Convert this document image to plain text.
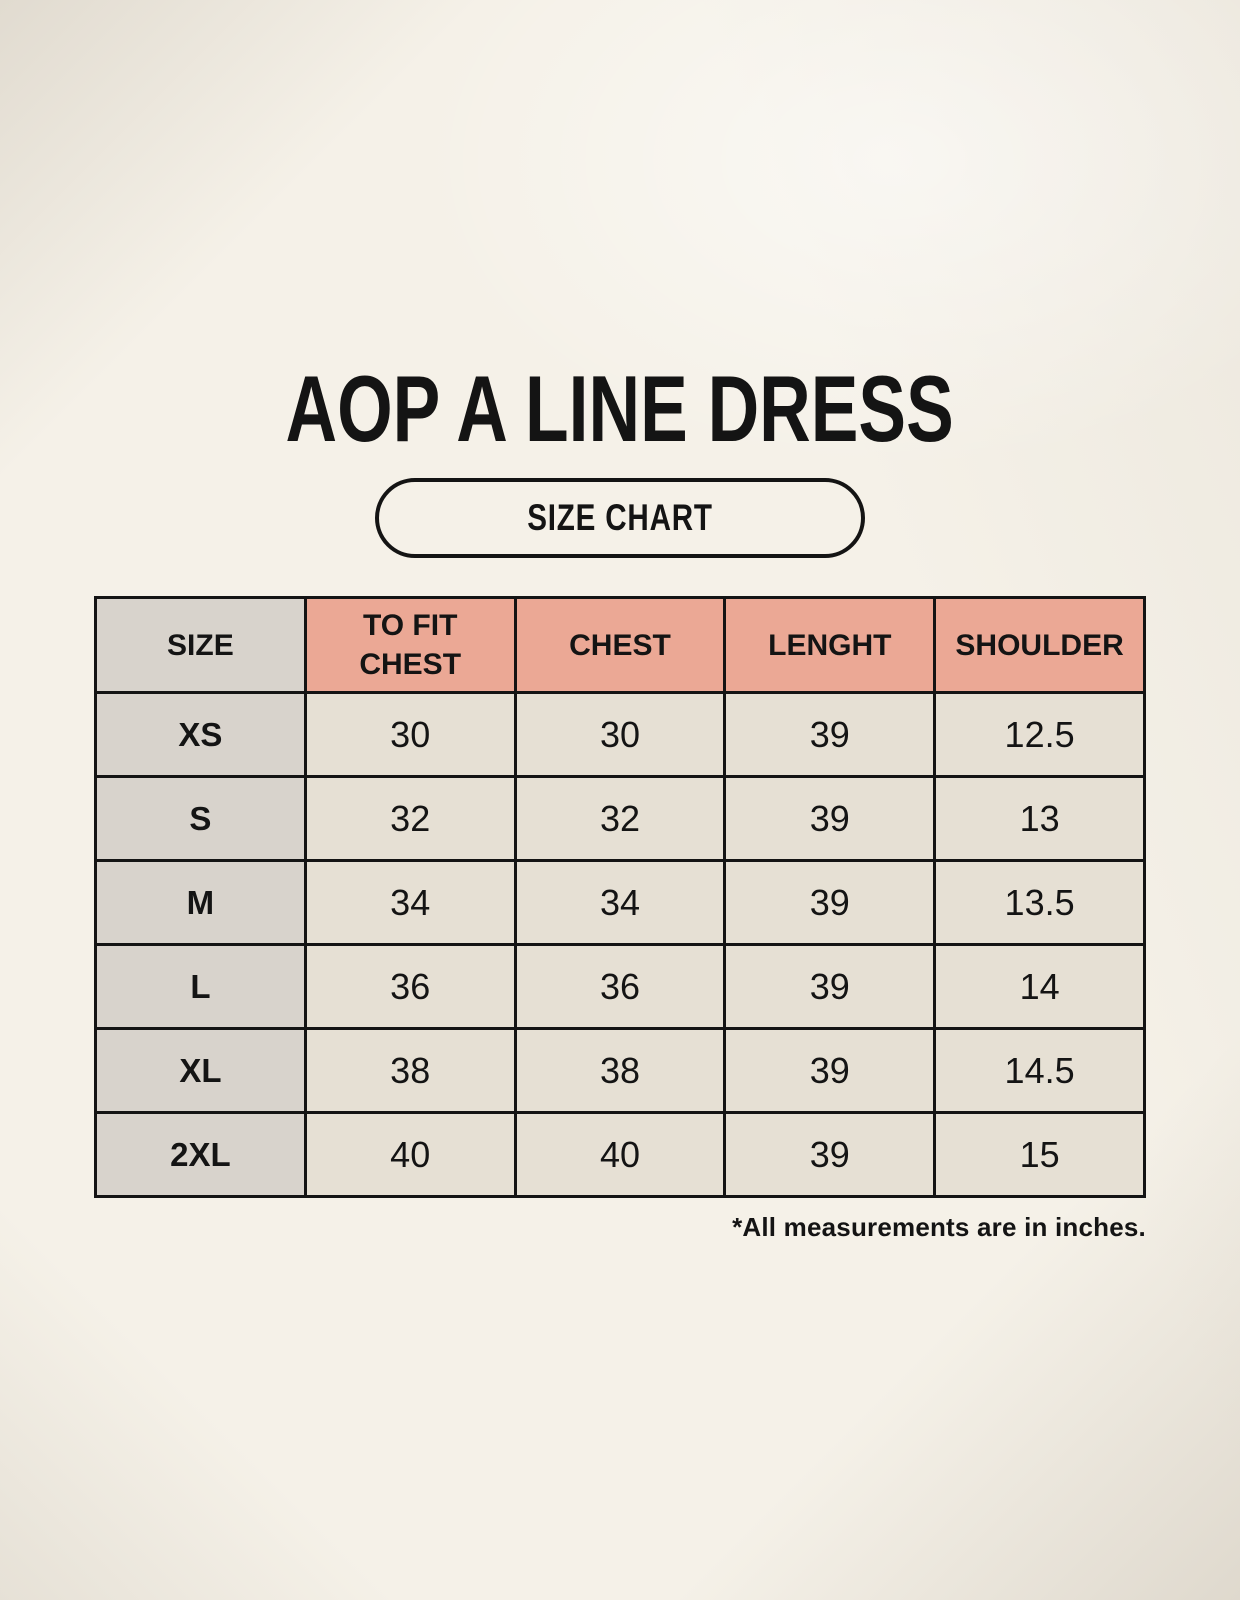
AOP A LINE DRESS
SIZE CHART
SIZE	TO FIT CHEST	CHEST	LENGHT	SHOULDER
XS	30	30	39	12.5
S	32	32	39	13
M	34	34	39	13.5
L	36	36	39	14
XL	38	38	39	14.5
2XL	40	40	39	15

*All measurements are in inches.
